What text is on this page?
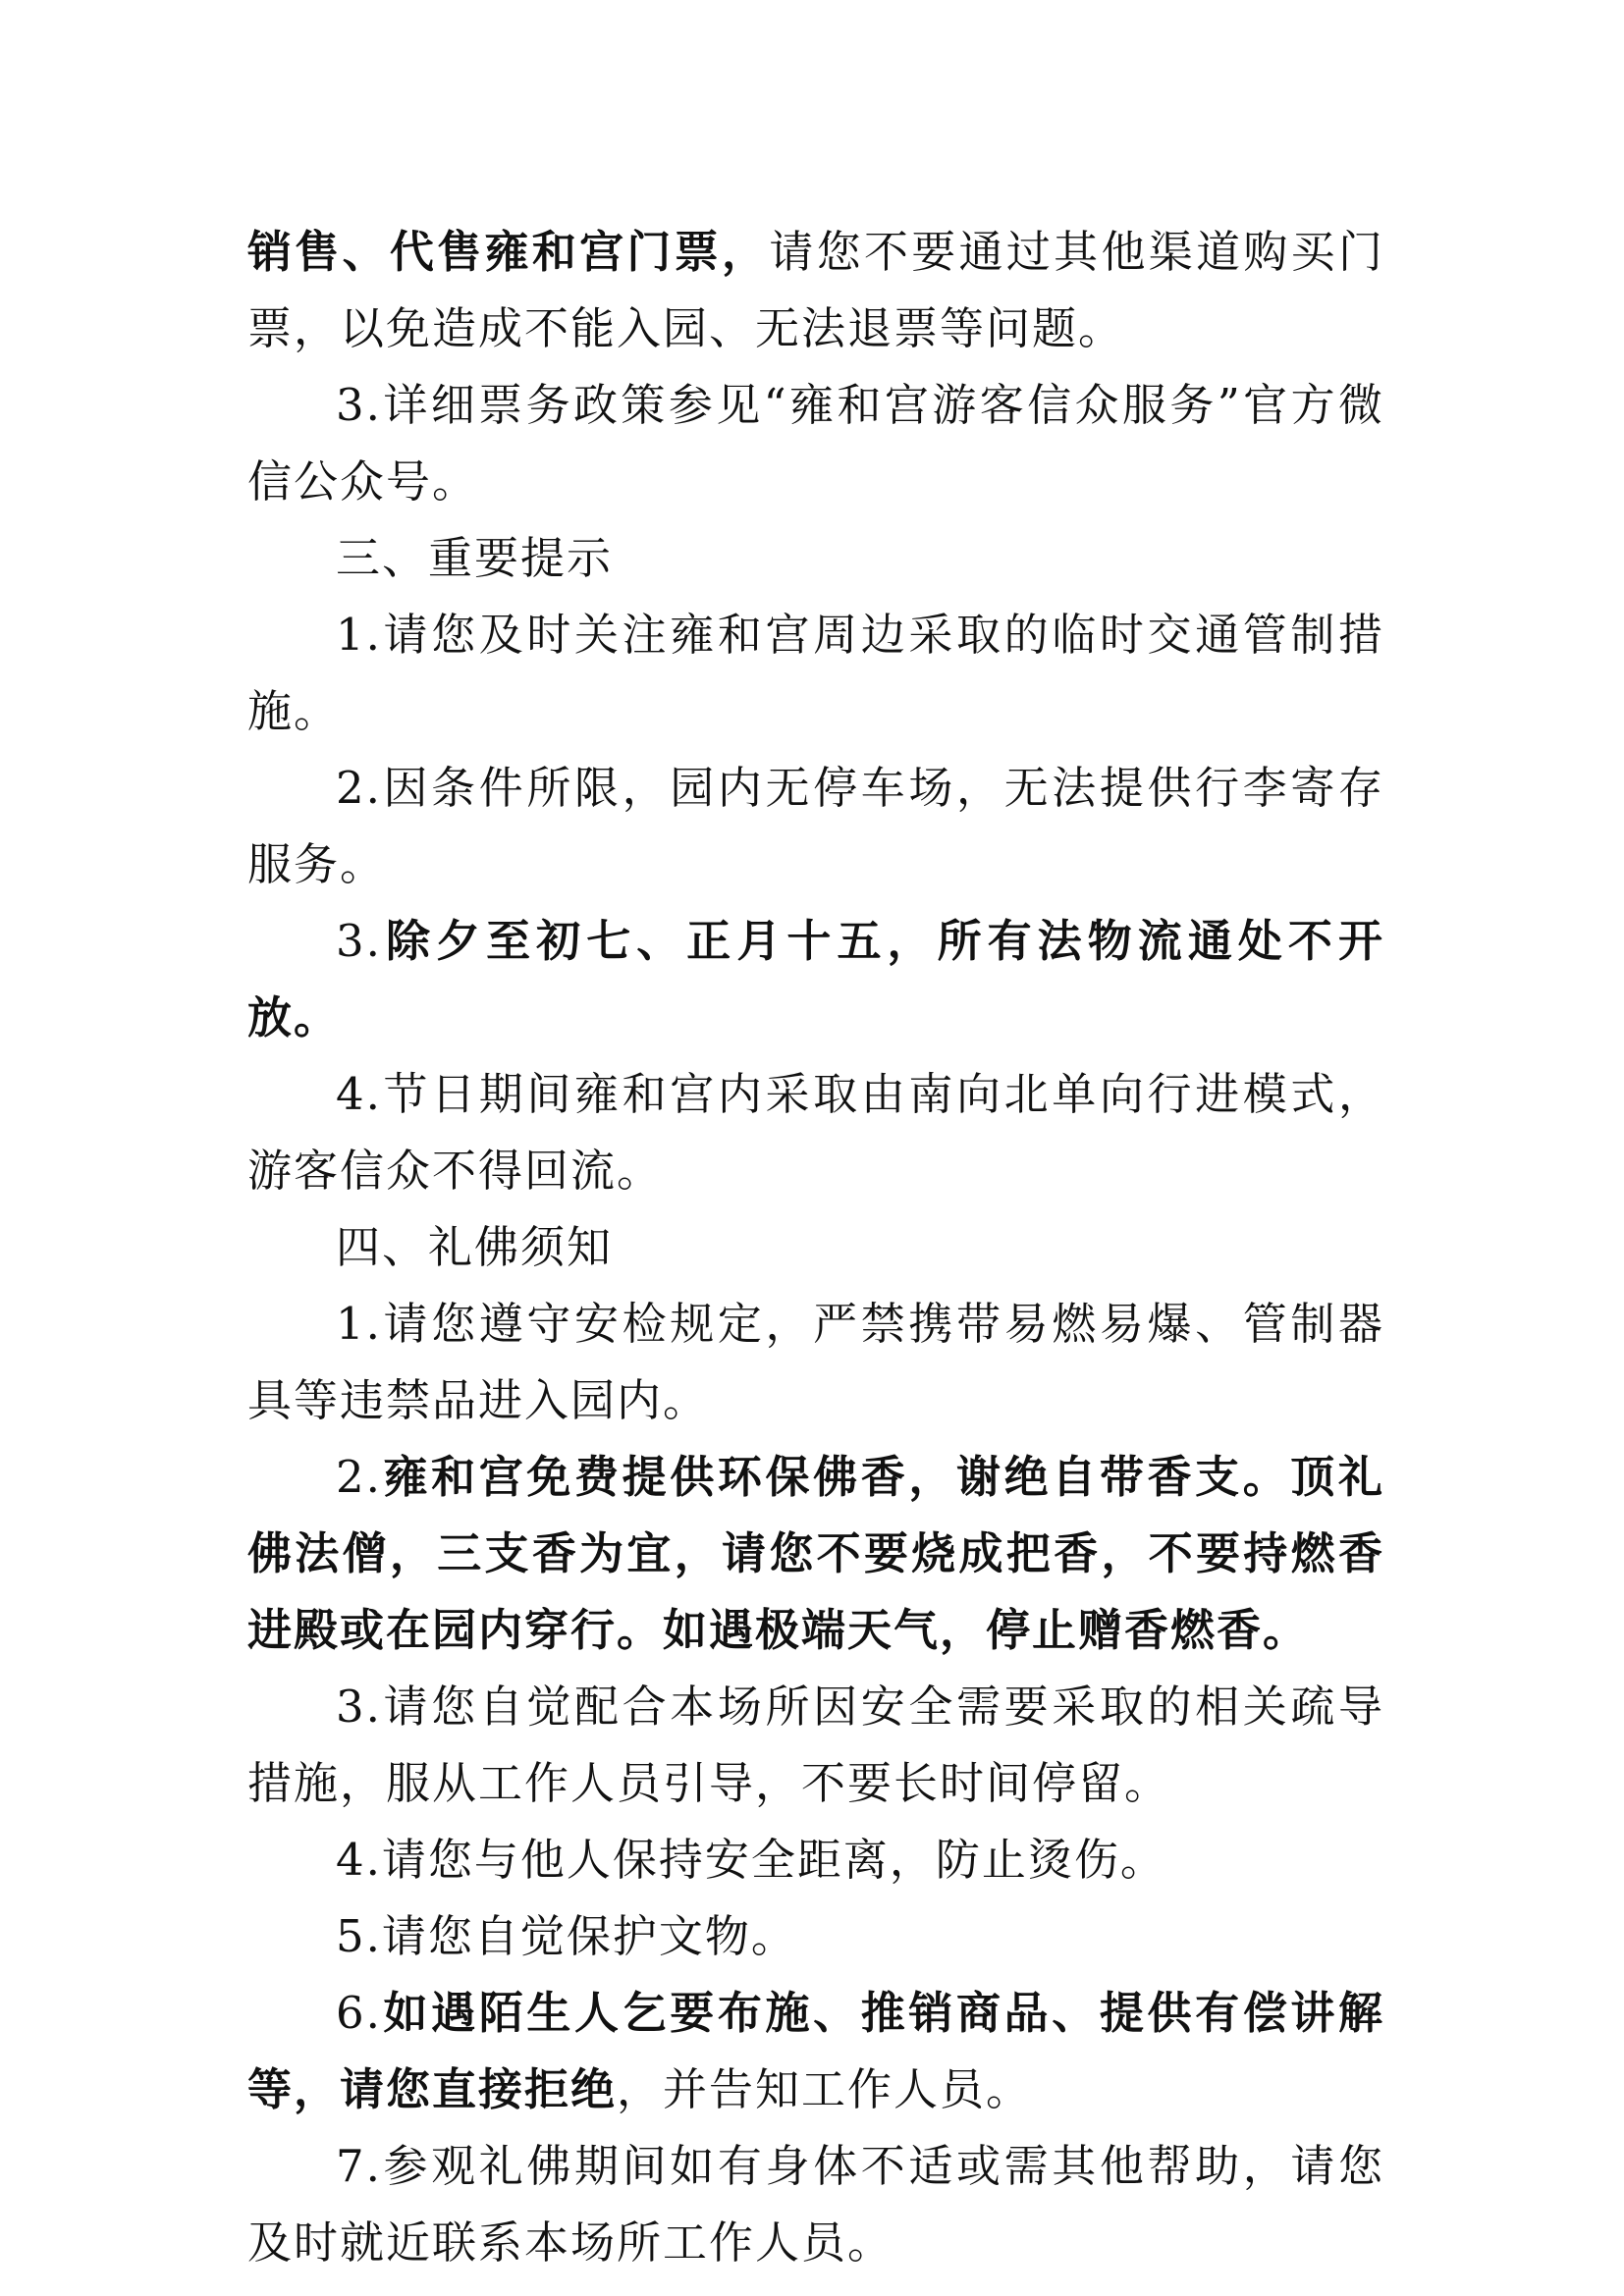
销售、代售雍和宫门票，请您不要通过其他渠道购买门票，以免造成不能入园、无法退票等问题。

3.详细票务政策参见“雍和宫游客信众服务”官方微信公众号。

三、重要提示

1.请您及时关注雍和宫周边采取的临时交通管制措施。

2.因条件所限，园内无停车场，无法提供行李寄存服务。

3.除夕至初七、正月十五，所有法物流通处不开放。

4.节日期间雍和宫内采取由南向北单向行进模式，游客信众不得回流。

四、礼佛须知

1.请您遵守安检规定，严禁携带易燃易爆、管制器具等违禁品进入园内。

2.雍和宫免费提供环保佛香，谢绝自带香支。顶礼佛法僧，三支香为宜，请您不要烧成把香，不要持燃香进殿或在园内穿行。如遇极端天气，停止赠香燃香。

3.请您自觉配合本场所因安全需要采取的相关疏导措施，服从工作人员引导，不要长时间停留。

4.请您与他人保持安全距离，防止烫伤。

5.请您自觉保护文物。

6.如遇陌生人乞要布施、推销商品、提供有偿讲解等，请您直接拒绝，并告知工作人员。

7.参观礼佛期间如有身体不适或需其他帮助，请您及时就近联系本场所工作人员。
